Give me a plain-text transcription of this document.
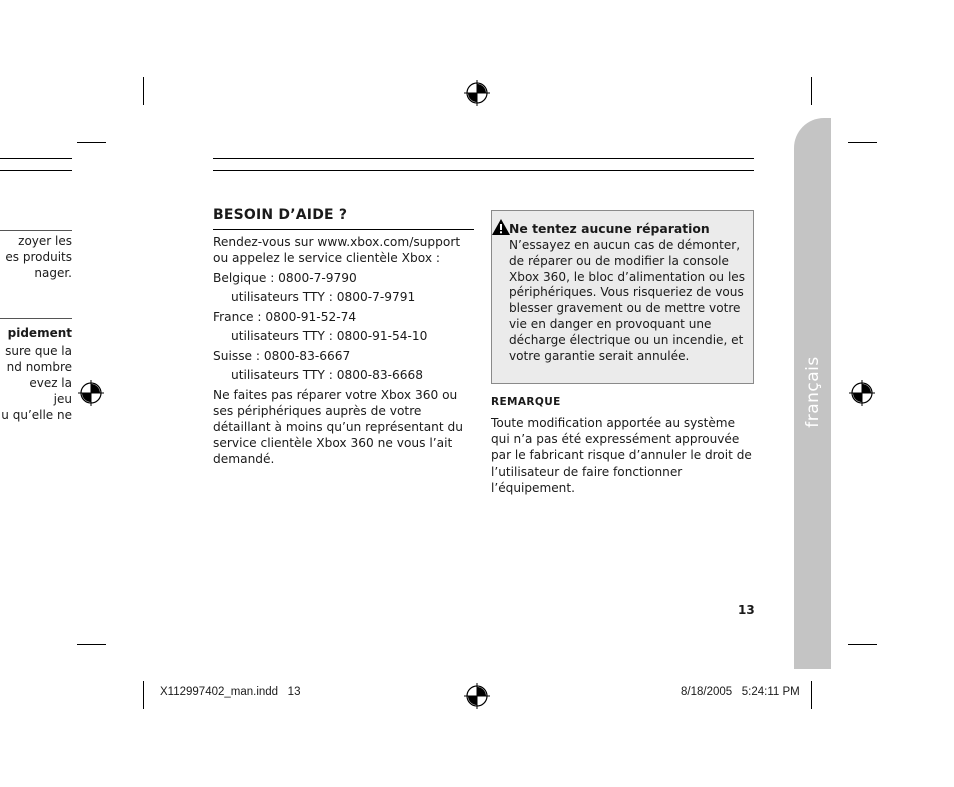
zoyer les
es produits
nager.
pidement
sure que la
nd nombre
evez la
jeu
u qu’elle ne	français
BESOIN D’AIDE ?

Rendez-vous sur www.xbox.com/support ou appelez le service clientèle Xbox :

Belgique : 0800-7-9790

utilisateurs TTY : 0800-7-9791

France : 0800-91-52-74

utilisateurs TTY : 0800-91-54-10

Suisse : 0800-83-6667

utilisateurs TTY : 0800-83-6668

Ne faites pas réparer votre Xbox 360 ou ses périphériques auprès de votre détaillant à moins qu’un représentant du service clientèle Xbox 360 ne vous l’ait demandé.

Ne tentez aucune réparation
N’essayez en aucun cas de démonter, de réparer ou de modifier la console Xbox 360, le bloc d’alimentation ou les périphériques. Vous risqueriez de vous blesser gravement ou de mettre votre vie en danger en provoquant une décharge électrique ou un incendie, et votre garantie serait annulée.
REMARQUE
Toute modification apportée au système qui n’a pas été expressément approuvée par le fabricant risque d’annuler le droit de l’utilisateur de faire fonctionner l’équipement.
13
X112997402_man.indd   13	8/18/2005   5:24:11 PM
